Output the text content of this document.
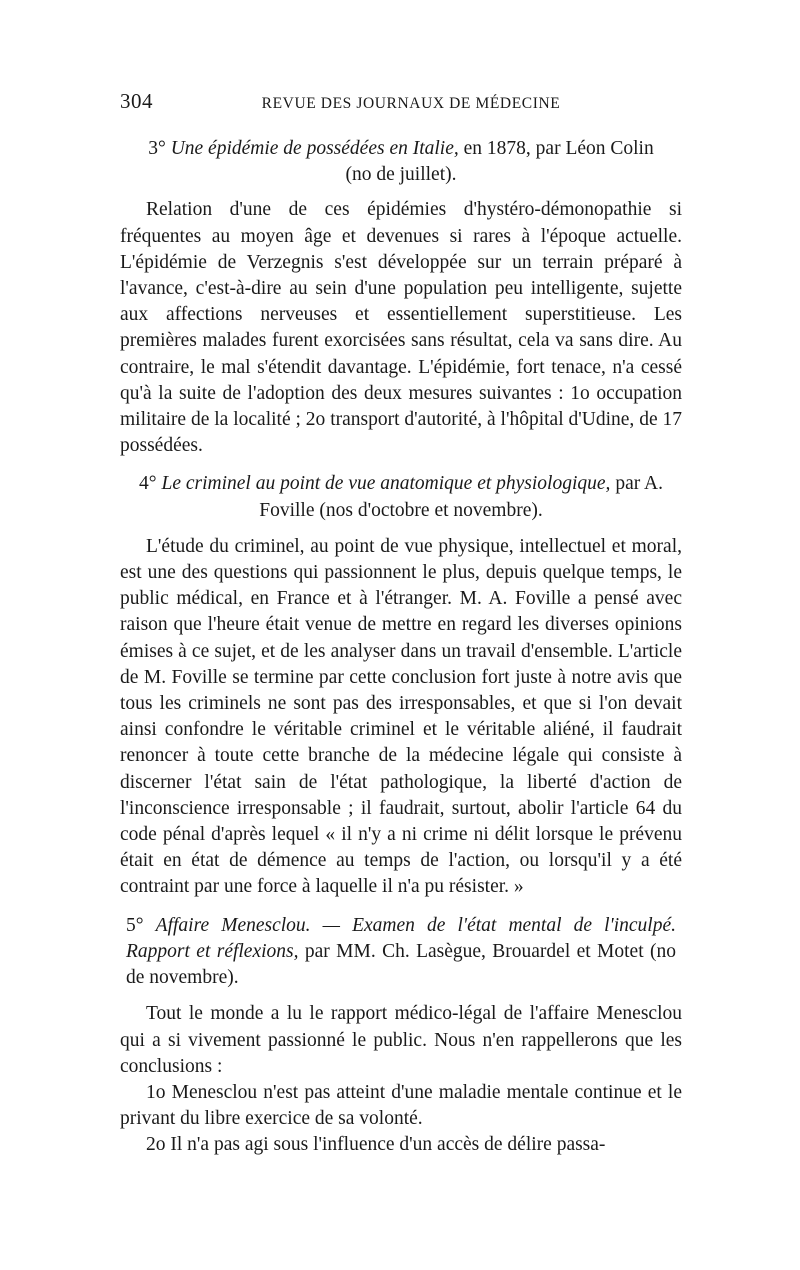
304	REVUE DES JOURNAUX DE MÉDECINE

3° Une épidémie de possédées en Italie, en 1878, par Léon Colin
(no de juillet).

Relation d'une de ces épidémies d'hystéro-démonopathie si fréquentes au moyen âge et devenues si rares à l'époque actuelle. L'épidémie de Verzegnis s'est développée sur un terrain préparé à l'avance, c'est-à-dire au sein d'une population peu intelligente, sujette aux affections nerveuses et essentiellement superstitieuse. Les premières malades furent exorcisées sans résultat, cela va sans dire. Au contraire, le mal s'étendit davantage. L'épidémie, fort tenace, n'a cessé qu'à la suite de l'adoption des deux mesures suivantes : 1o occupation militaire de la localité ; 2o transport d'autorité, à l'hôpital d'Udine, de 17 possédées.

4° Le criminel au point de vue anatomique et physiologique, par A. Foville (nos d'octobre et novembre).

L'étude du criminel, au point de vue physique, intellectuel et moral, est une des questions qui passionnent le plus, depuis quelque temps, le public médical, en France et à l'étranger. M. A. Foville a pensé avec raison que l'heure était venue de mettre en regard les diverses opinions émises à ce sujet, et de les analyser dans un travail d'ensemble. L'article de M. Foville se termine par cette conclusion fort juste à notre avis que tous les criminels ne sont pas des irresponsables, et que si l'on devait ainsi confondre le véritable criminel et le véritable aliéné, il faudrait renoncer à toute cette branche de la médecine légale qui consiste à discerner l'état sain de l'état pathologique, la liberté d'action de l'inconscience irresponsable ; il faudrait, surtout, abolir l'article 64 du code pénal d'après lequel « il n'y a ni crime ni délit lorsque le prévenu était en état de démence au temps de l'action, ou lorsqu'il y a été contraint par une force à laquelle il n'a pu résister. »

5° Affaire Menesclou. — Examen de l'état mental de l'inculpé. Rapport et réflexions, par MM. Ch. Lasègue, Brouardel et Motet (no de novembre).

Tout le monde a lu le rapport médico-légal de l'affaire Menesclou qui a si vivement passionné le public. Nous n'en rappellerons que les conclusions :

1o Menesclou n'est pas atteint d'une maladie mentale continue et le privant du libre exercice de sa volonté.

2o Il n'a pas agi sous l'influence d'un accès de délire passa-
